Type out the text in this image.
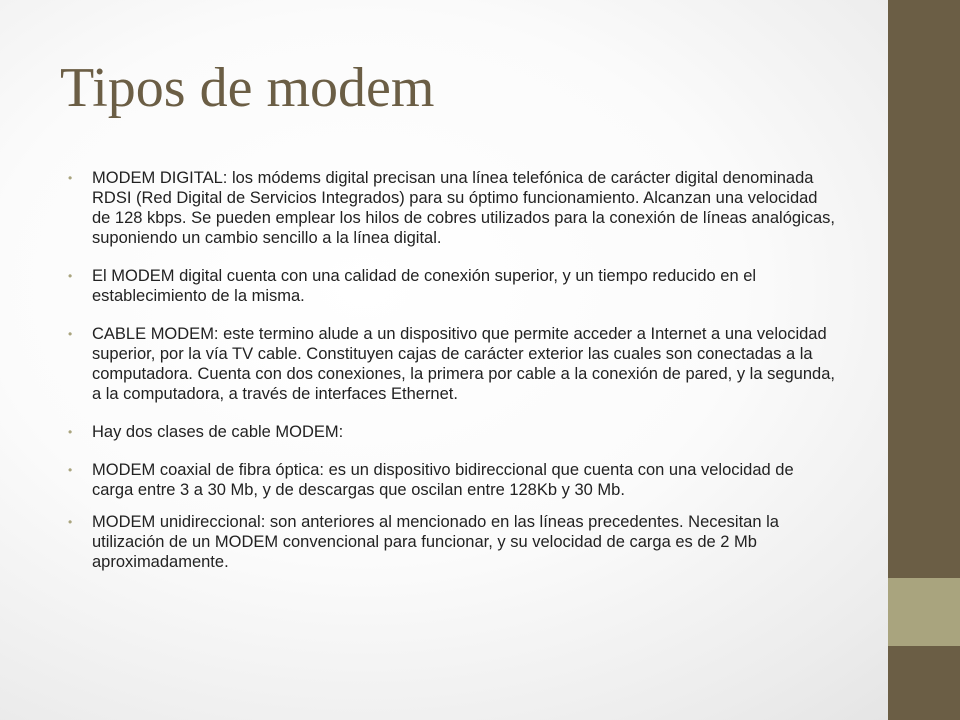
Tipos de modem
• MODEM DIGITAL: los módems digital precisan una línea telefónica de carácter digital denominada RDSI (Red Digital de Servicios Integrados) para su óptimo funcionamiento. Alcanzan una velocidad de 128 kbps. Se pueden emplear los hilos de cobres utilizados para la conexión de líneas analógicas, suponiendo un cambio sencillo a la línea digital.
• El MODEM digital cuenta con una calidad de conexión superior, y un tiempo reducido en el establecimiento de la misma.
• CABLE MODEM: este termino alude a un dispositivo que permite acceder a Internet a una velocidad superior, por la vía TV cable. Constituyen cajas de carácter exterior las cuales son conectadas a la computadora. Cuenta con dos conexiones, la primera por cable a la conexión de pared, y la segunda, a la computadora, a través de interfaces Ethernet.
• Hay dos clases de cable MODEM:
• MODEM coaxial de fibra óptica: es un dispositivo bidireccional que cuenta con una velocidad de carga entre 3 a 30 Mb, y de descargas que oscilan entre 128Kb y 30 Mb.
• MODEM unidireccional: son anteriores al mencionado en las líneas precedentes. Necesitan la utilización de un MODEM convencional para funcionar, y su velocidad de carga es de 2 Mb aproximadamente.
